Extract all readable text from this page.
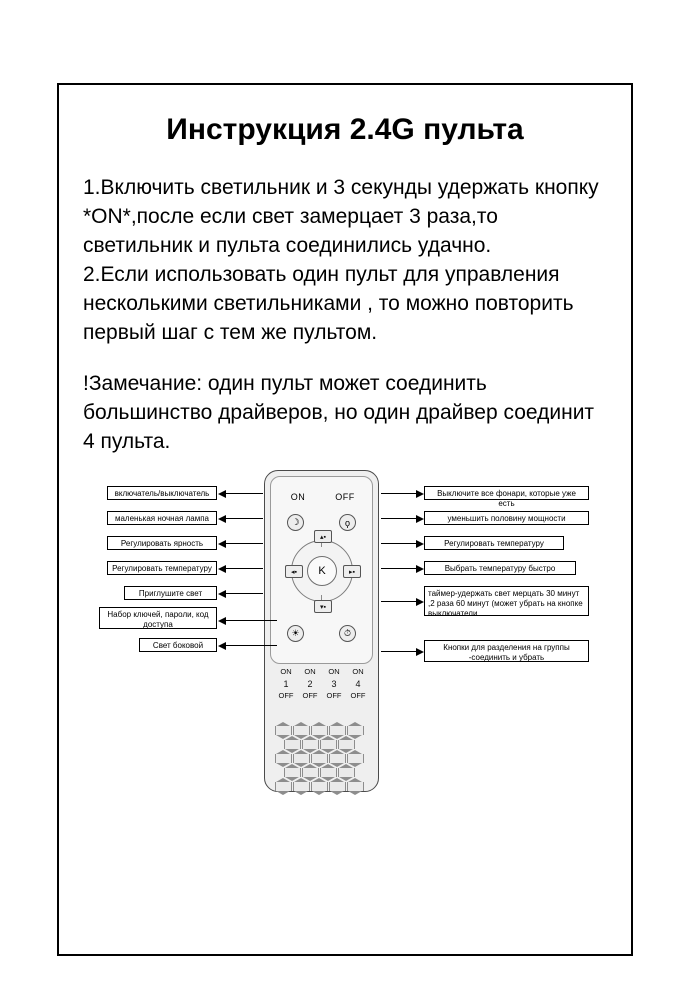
Инструкция 2.4G пульта

1.Включить светильник и 3 секунды удержать кнопку *ON*,после если свет замерцает 3 раза,то светильник и пульта соединились удачно.

2.Если использовать один пульт для управления несколькими светильниками , то можно повторить первый шаг с тем же пультом.

!Замечание: один пульт может соединить большинство драйверов, но один драйвер соединит 4 пульта.

ON	OFF
☽	ϙ
K
▴▪
◂▪	▸▪
▾▪
☀	⏱
ON
1
OFF
ON
2
OFF
ON
3
OFF
ON
4
OFF
включатель/выключатель
маленькая ночная лампа
Регулировать ярность
Регулировать температуру
Приглушите свет
Набор ключей, пароли, код доступа
Свет боковой
Выключите все фонари, которые уже есть
уменьшить половину мощности
Регулировать температуру
Выбрать температуру быстро
таймер-удержать свет мерцать 30 минут ,2 раза 60 минут (может убрать на кнопке выключатели
Кнопки для разделения на группы -соединить и убрать
